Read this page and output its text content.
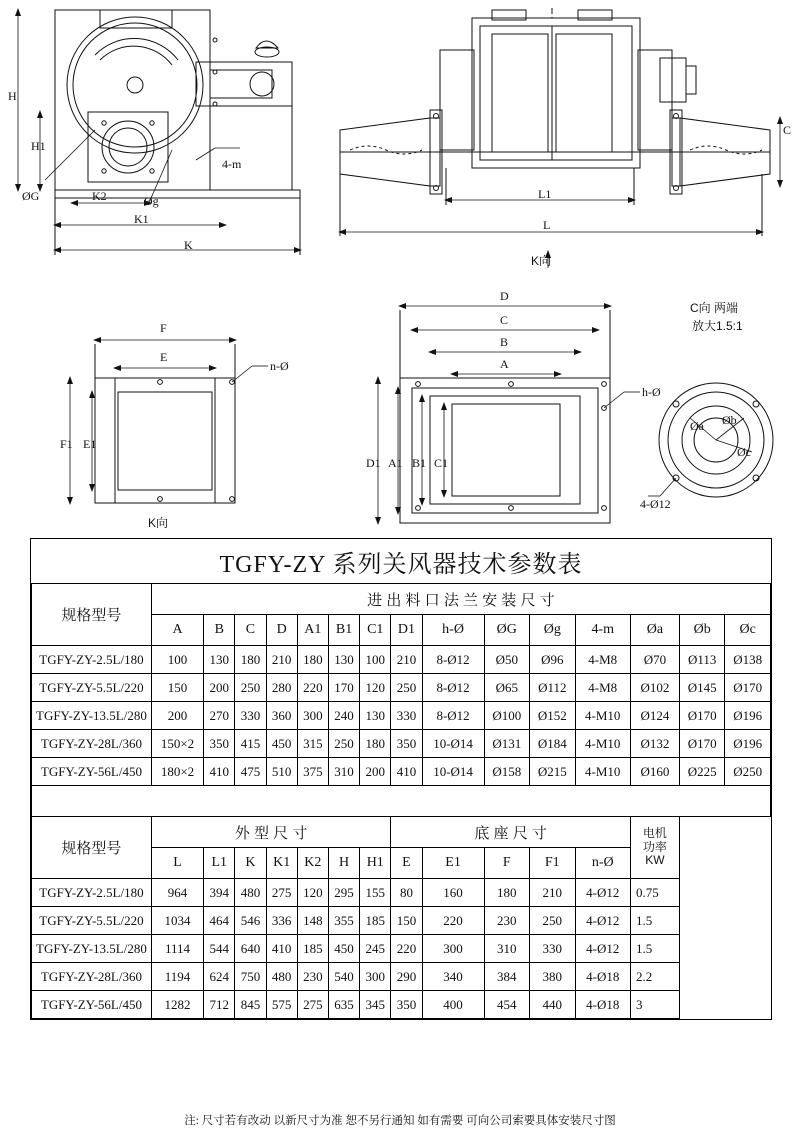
H
H1
ØG	K2
K1
K
Øg
4-m
L1
L
C
K向
F
E
F1 E1
n-Ø
K向
D
C
B
A
D1 A1 B1 C1
h-Ø
C向 两端
放大1.5:1
Øa Øb
Øc
4-Ø12
TGFY-ZY 系列关风器技术参数表															
规格型号	进 出 料 口 法 兰 安 装 尺 寸														
	A	B	C	D	A1	B1	C1	D1	h-Ø	ØG	Øg	4-m	Øa	Øb	Øc
TGFY-ZY-2.5L/180	100	130	180	210	180	130	100	210	8-Ø12	Ø50	Ø96	4-M8	Ø70	Ø113	Ø138
TGFY-ZY-5.5L/220	150	200	250	280	220	170	120	250	8-Ø12	Ø65	Ø112	4-M8	Ø102	Ø145	Ø170
TGFY-ZY-13.5L/280	200	270	330	360	300	240	130	330	8-Ø12	Ø100	Ø152	4-M10	Ø124	Ø170	Ø196
TGFY-ZY-28L/360	150×2	350	415	450	315	250	180	350	10-Ø14	Ø131	Ø184	4-M10	Ø132	Ø170	Ø196
TGFY-ZY-56L/450	180×2	410	475	510	375	310	200	410	10-Ø14	Ø158	Ø215	4-M10	Ø160	Ø225	Ø250

规格型号	外 型 尺 寸							底 座 尺 寸					电机
功率
KW		
	L	L1	K	K1	K2	H	H1	E	E1	F	F1	n-Ø			
TGFY-ZY-2.5L/180	964	394	480	275	120	295	155	80	160	180	210	4-Ø12	0.75		
TGFY-ZY-5.5L/220	1034	464	546	336	148	355	185	150	220	230	250	4-Ø12	1.5		
TGFY-ZY-13.5L/280	1114	544	640	410	185	450	245	220	300	310	330	4-Ø12	1.5		
TGFY-ZY-28L/360	1194	624	750	480	230	540	300	290	340	384	380	4-Ø18	2.2		
TGFY-ZY-56L/450	1282	712	845	575	275	635	345	350	400	454	440	4-Ø18	3		
注: 尺寸若有改动 以新尺寸为准 恕不另行通知 如有需要 可向公司索要具体安装尺寸图
